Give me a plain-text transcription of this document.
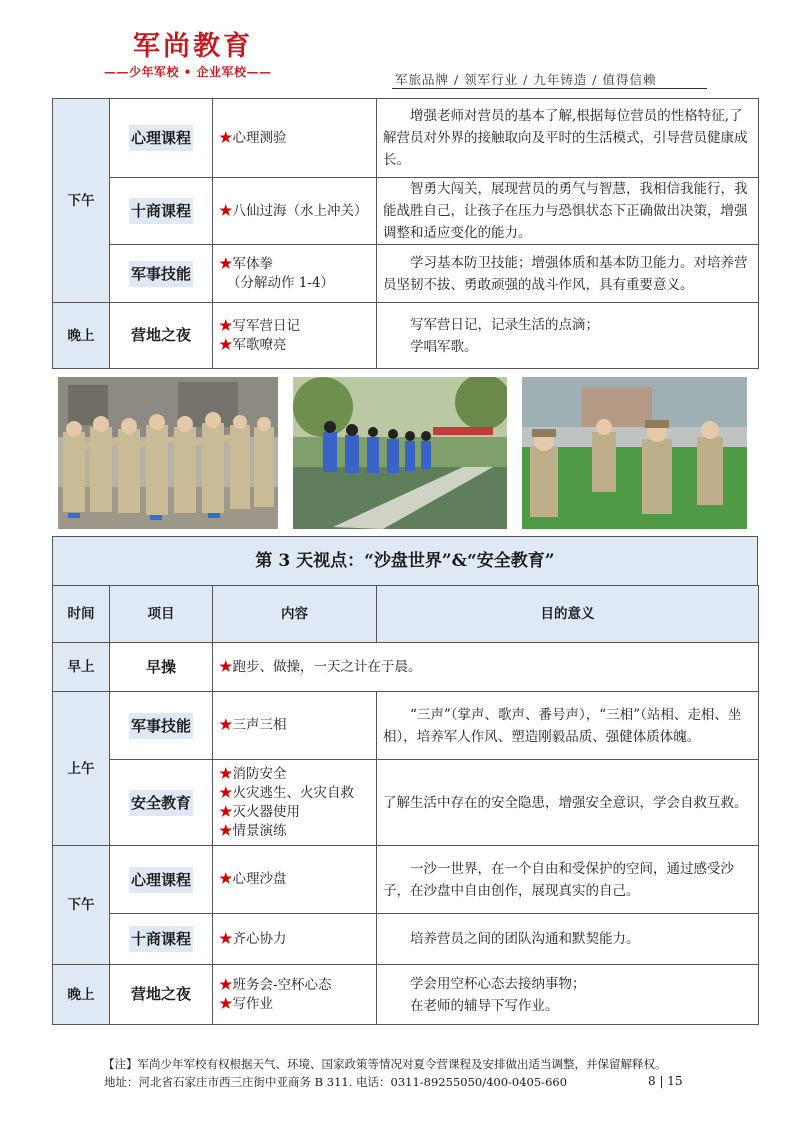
军尚教育
——少年军校 • 企业军校——	军旅品牌 / 领军行业 / 九年铸造 / 值得信赖
下午	心理课程	★心理测验	增强老师对营员的基本了解,根据每位营员的性格特征,了解营员对外界的接触取向及平时的生活模式，引导营员健康成长。

	十商课程	★八仙过海（水上冲关）	智勇大闯关，展现营员的勇气与智慧，我相信我能行，我能战胜自己，让孩子在压力与恐惧状态下正确做出决策，增强调整和适应变化的能力。

	军事技能	★军体拳
（分解动作 1-4）	学习基本防卫技能；增强体质和基本防卫能力。对培养营员坚韧不拔、勇敢顽强的战斗作风，具有重要意义。

晚上	营地之夜	★写军营日记
★军歌嘹亮	写军营日记，记录生活的点滴；
学唱军歌。
第 3 天视点：“沙盘世界”&“安全教育”
时间	项目	内容	目的意义
早上	早操	★跑步、做操，一天之计在于晨。	

上午	军事技能	★三声三相	“三声”（掌声、歌声、番号声），“三相”（站相、走相、坐相），培养军人作风、塑造刚毅品质、强健体质体魄。

	安全教育	★消防安全
★火灾逃生、火灾自救
★灭火器使用
★情景演练	了解生活中存在的安全隐患，增强安全意识，学会自救互救。
下午	心理课程	★心理沙盘	一沙一世界，在一个自由和受保护的空间，通过感受沙子，在沙盘中自由创作，展现真实的自己。

	十商课程	★齐心协力	培养营员之间的团队沟通和默契能力。

晚上	营地之夜	★班务会-空杯心态
★写作业	学会用空杯心态去接纳事物；
在老师的辅导下写作业。
【注】军尚少年军校有权根据天气、环境、国家政策等情况对夏令营课程及安排做出适当调整，并保留解释权。
地址：河北省石家庄市西三庄街中亚商务 B 311. 电话：0311-89255050/400-0405-660	8 | 15
